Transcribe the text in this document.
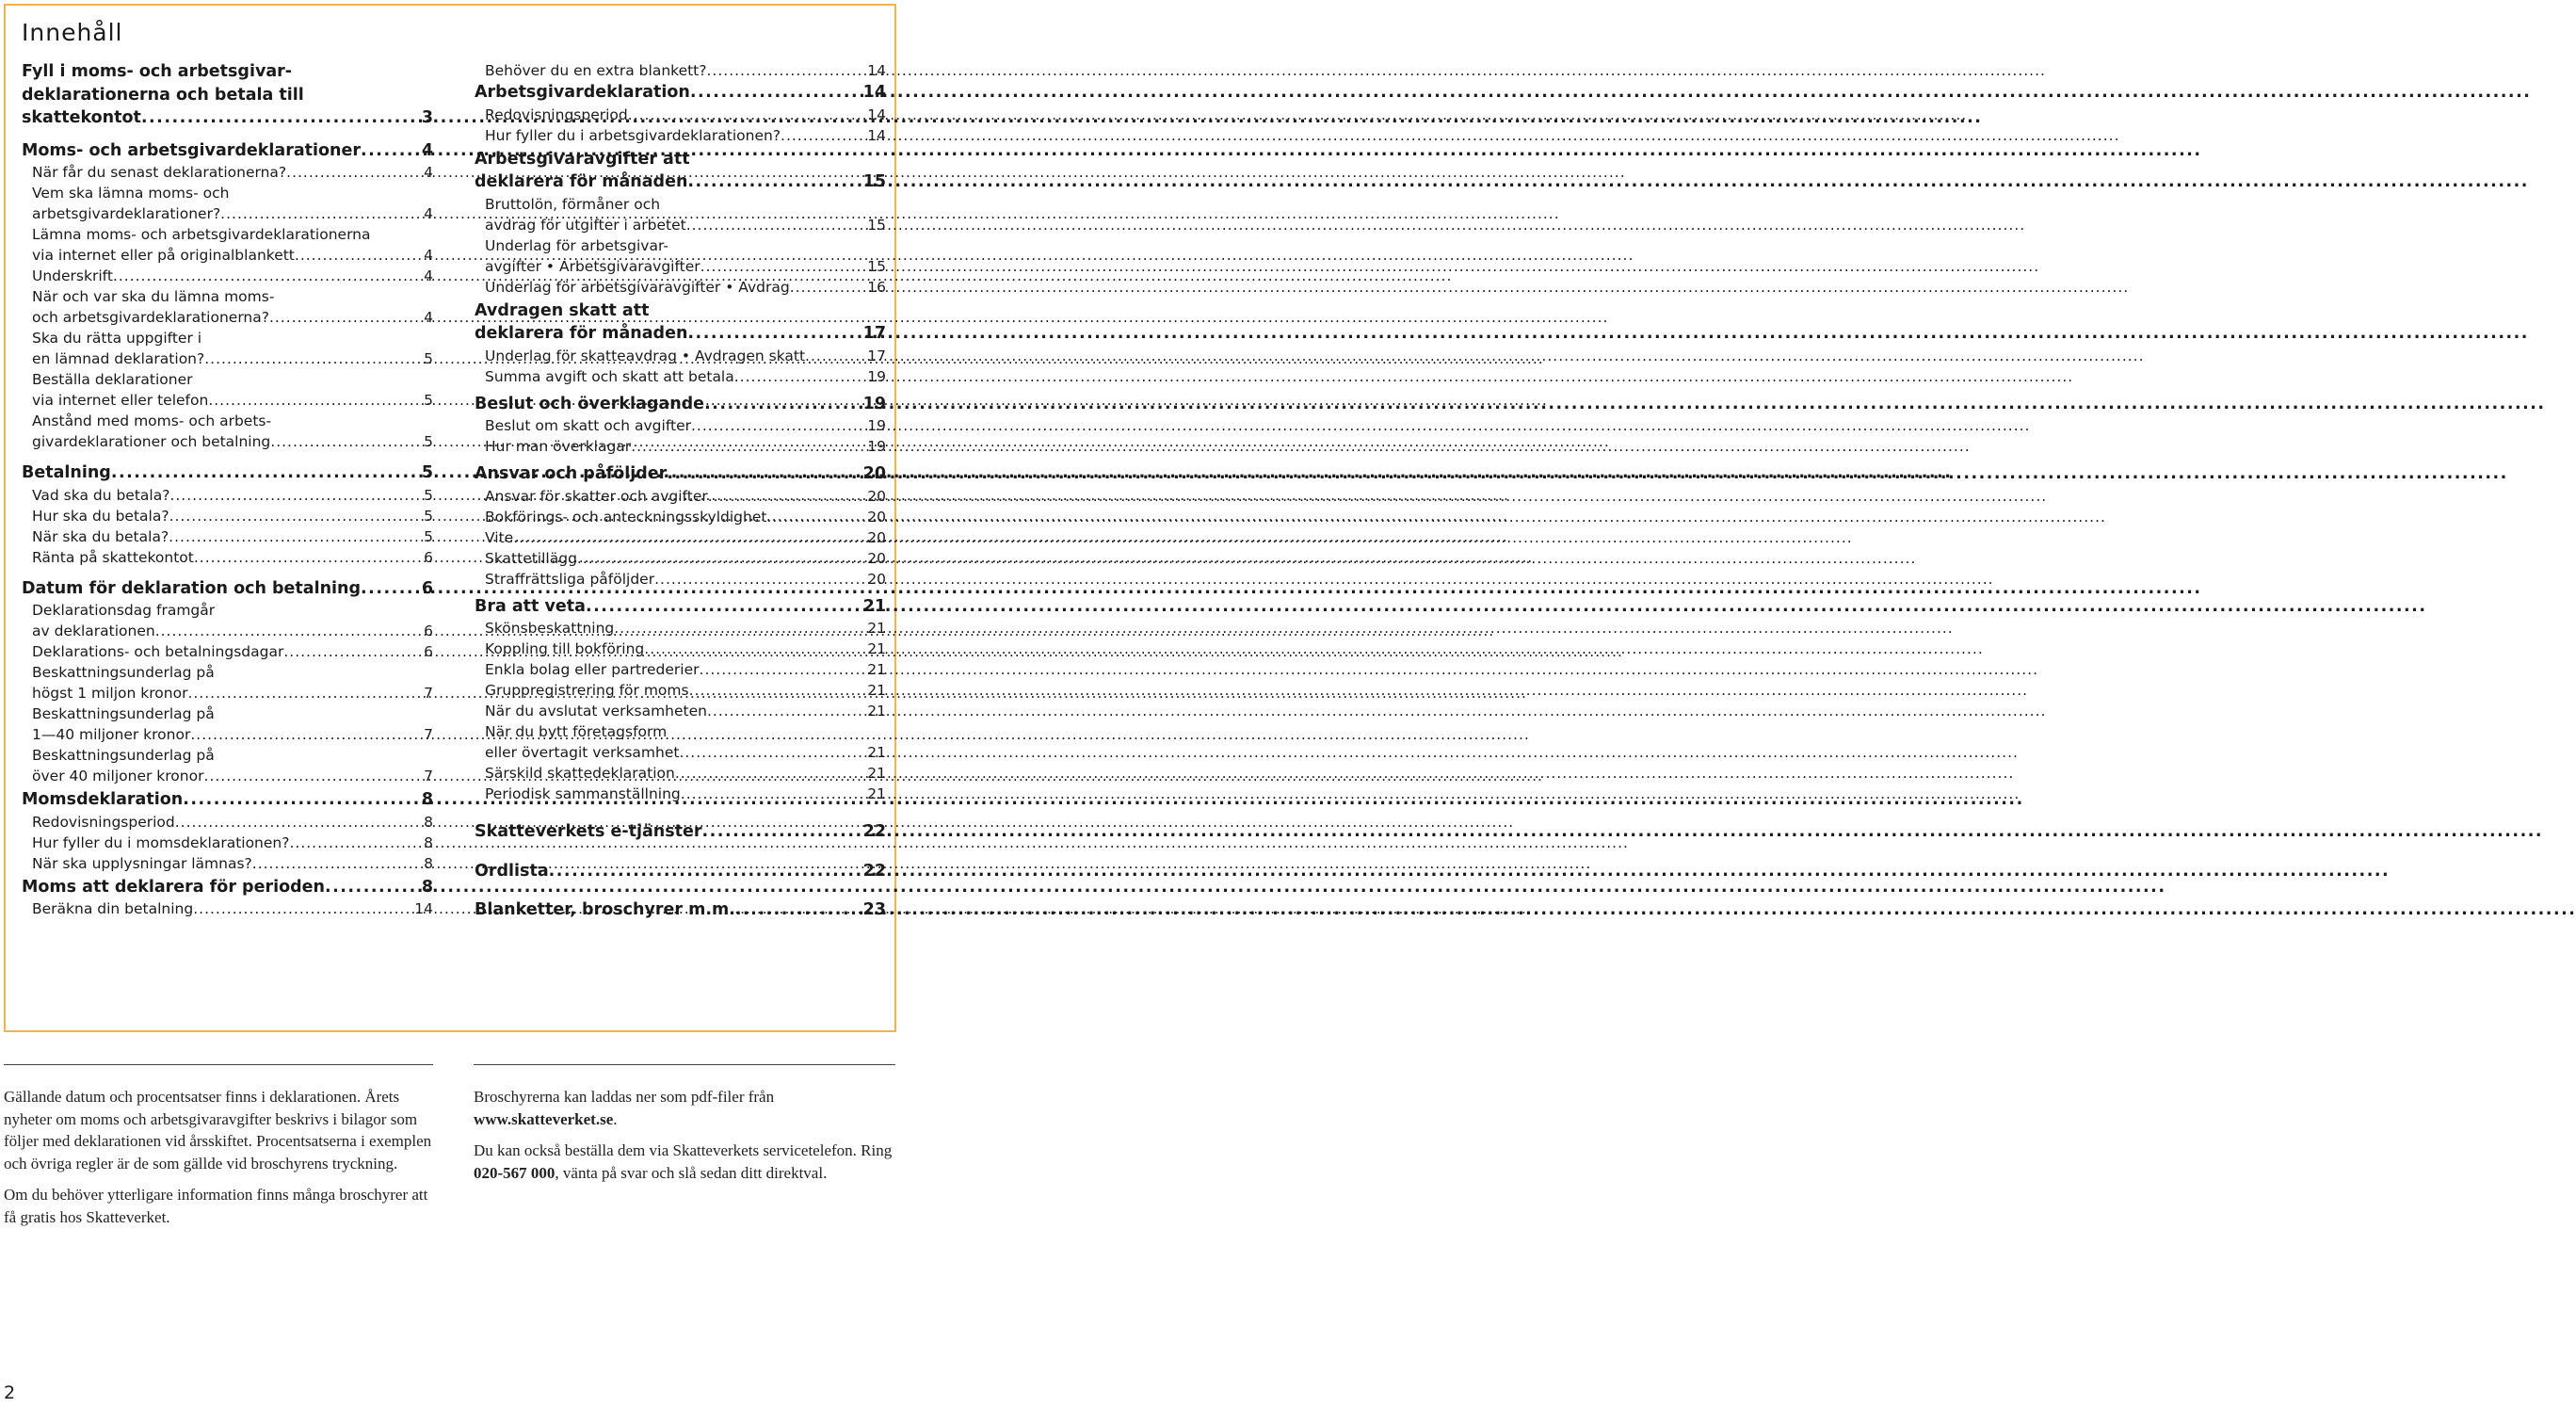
Innehåll
Fyll i moms- och arbetsgivar-
deklarationerna och betala till
skattekontot .....	3
Moms- och arbetsgivardeklarationer .....	4
När får du senast deklarationerna? .....	4
Vem ska lämna moms- och
arbetsgivardeklarationer? .....	4
Lämna moms- och arbetsgivardeklarationerna
via internet eller på originalblankett .....	4
Underskrift .....	4
När och var ska du lämna moms-
och arbetsgivardeklarationerna? .....	4
Ska du rätta uppgifter i
en lämnad deklaration? .....	5
Beställa deklarationer
via internet eller telefon .....	5
Anstånd med moms- och arbets-
givardeklarationer och betalning .....	5
Betalning .....	5
Vad ska du betala? .....	5
Hur ska du betala? .....	5
När ska du betala? .....	5
Ränta på skattekontot .....	6
Datum för deklaration och betalning .....	6
Deklarationsdag framgår
av deklarationen .....	6
Deklarations- och betalningsdagar .....	6
Beskattningsunderlag på
högst 1 miljon kronor .....	7
Beskattningsunderlag på
1—40 miljoner kronor .....	7
Beskattningsunderlag på
över 40 miljoner kronor .....	7
Momsdeklaration .....	8
Redovisningsperiod .....	8
Hur fyller du i momsdeklarationen? .....	8
När ska upplysningar lämnas? .....	8
Moms att deklarera för perioden .....	8
Beräkna din betalning .....	14
Behöver du en extra blankett? .....	14
Arbetsgivardeklaration .....	14
Redovisningsperiod .....	14
Hur fyller du i arbetsgivardeklarationen? .....	14
Arbetsgivaravgifter att
deklarera för månaden .....	15
Bruttolön, förmåner och
avdrag för utgifter i arbetet .....	15
Underlag för arbetsgivar-
avgifter • Arbetsgivaravgifter .....	15
Underlag för arbetsgivaravgifter • Avdrag .....	16
Avdragen skatt att
deklarera för månaden .....	17
Underlag för skatteavdrag • Avdragen skatt .....	17
Summa avgift och skatt att betala .....	19
Beslut och överklagande .....	19
Beslut om skatt och avgifter .....	19
Hur man överklagar .....	19
Ansvar och påföljder .....	20
Ansvar för skatter och avgifter .....	20
Bokförings- och anteckningsskyldighet .....	20
Vite .....	20
Skattetillägg .....	20
Straffrättsliga påföljder .....	20
Bra att veta .....	21
Skönsbeskattning .....	21
Koppling till bokföring .....	21
Enkla bolag eller partrederier .....	21
Gruppregistrering för moms .....	21
När du avslutat verksamheten .....	21
När du bytt företagsform
eller övertagit verksamhet .....	21
Särskild skattedeklaration .....	21
Periodisk sammanställning .....	21
Skatteverkets e-tjänster .....	22
Ordlista .....	22
Blanketter, broschyrer m.m. .....	23

Gällande datum och procentsatser finns i deklarationen. Årets nyheter om moms och arbetsgivaravgifter beskrivs i bilagor som följer med deklarationen vid årsskiftet. Procentsatserna i exemplen och övriga regler är de som gällde vid broschyrens tryckning.

Om du behöver ytterligare information finns många broschyrer att få gratis hos Skatteverket.

Broschyrerna kan laddas ner som pdf-filer från www.skatteverket.se.

Du kan också beställa dem via Skatteverkets servicetelefon. Ring 020-567 000, vänta på svar och slå sedan ditt direktval.

2
